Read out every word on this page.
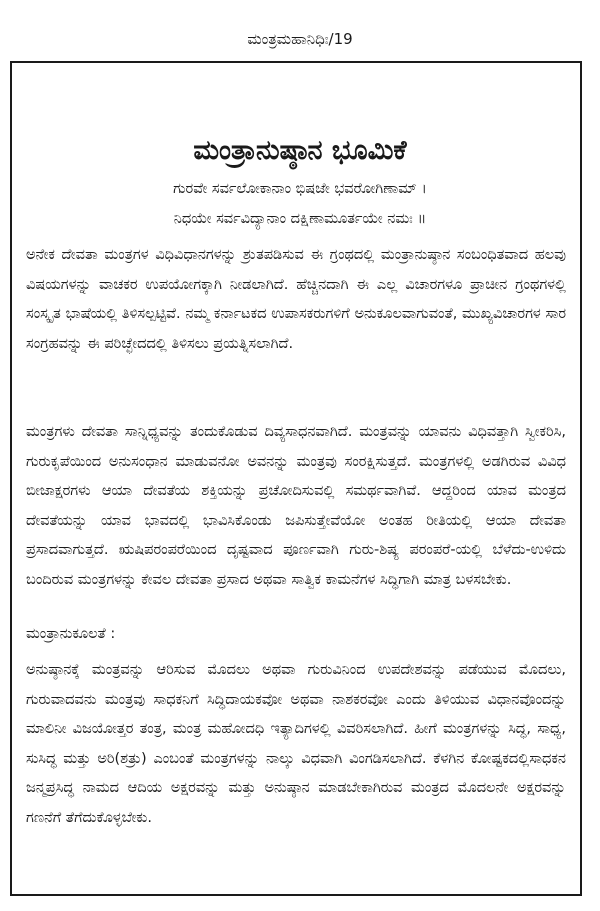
ಮಂತ್ರಮಹಾನಿಧಿಃ/19
ಮಂತ್ರಾನುಷ್ಠಾನ ಭೂಮಿಕೆ
ಗುರವೇ ಸರ್ವಲೋಕಾನಾಂ ಭಿಷಜೇ ಭವರೋಗಿಣಾಮ್ ।
ನಿಧಯೇ ಸರ್ವವಿದ್ಯಾನಾಂ ದಕ್ಷಿಣಾಮೂರ್ತಯೇ ನಮಃ ॥

ಅನೇಕ ದೇವತಾ ಮಂತ್ರಗಳ ವಿಧಿವಿಧಾನಗಳನ್ನು ಶ್ರುತಪಡಿಸುವ ಈ ಗ್ರಂಥದಲ್ಲಿ ಮಂತ್ರಾನುಷ್ಠಾನ ಸಂಬಂಧಿತವಾದ ಹಲವು ವಿಷಯಗಳನ್ನು ವಾಚಕರ ಉಪಯೋಗಕ್ಕಾಗಿ ನೀಡಲಾಗಿದೆ. ಹೆಚ್ಚಿನದಾಗಿ ಈ ಎಲ್ಲ ವಿಚಾರಗಳೂ ಪ್ರಾಚೀನ ಗ್ರಂಥಗಳಲ್ಲಿ ಸಂಸ್ಕೃತ ಭಾಷೆಯಲ್ಲಿ ತಿಳಿಸಲ್ಪಟ್ಟಿವೆ. ನಮ್ಮ ಕರ್ನಾಟಕದ ಉಪಾಸಕರುಗಳಿಗೆ ಅನುಕೂಲವಾಗುವಂತೆ, ಮುಖ್ಯವಿಚಾರಗಳ ಸಾರ ಸಂಗ್ರಹವನ್ನು ಈ ಪರಿಚ್ಛೇದದಲ್ಲಿ ತಿಳಿಸಲು ಪ್ರಯತ್ನಿಸಲಾಗಿದೆ.

ಮಂತ್ರಗಳು ದೇವತಾ ಸಾನ್ನಿಧ್ಯವನ್ನು ತಂದುಕೊಡುವ ದಿವ್ಯಸಾಧನವಾಗಿದೆ. ಮಂತ್ರವನ್ನು ಯಾವನು ವಿಧಿವತ್ತಾಗಿ ಸ್ವೀಕರಿಸಿ, ಗುರುಕೃಪೆಯಿಂದ ಅನುಸಂಧಾನ ಮಾಡುವನೋ ಅವನನ್ನು ಮಂತ್ರವು ಸಂರಕ್ಷಿಸುತ್ತದೆ. ಮಂತ್ರಗಳಲ್ಲಿ ಅಡಗಿರುವ ವಿವಿಧ ಬೀಜಾಕ್ಷರಗಳು ಆಯಾ ದೇವತೆಯ ಶಕ್ತಿಯನ್ನು ಪ್ರಚೋದಿಸುವಲ್ಲಿ ಸಮರ್ಥವಾಗಿವೆ. ಆದ್ದರಿಂದ ಯಾವ ಮಂತ್ರದ ದೇವತೆಯನ್ನು ಯಾವ ಭಾವದಲ್ಲಿ ಭಾವಿಸಿಕೊಂಡು ಜಪಿಸುತ್ತೇವೆಯೋ ಅಂತಹ ರೀತಿಯಲ್ಲಿ ಆಯಾ ದೇವತಾ ಪ್ರಸಾದವಾಗುತ್ತದೆ. ಋಷಿಪರಂಪರೆಯಿಂದ ದೃಷ್ಟವಾದ ಪೂರ್ಣವಾಗಿ ಗುರು-ಶಿಷ್ಯ ಪರಂಪರೆ-ಯಲ್ಲಿ ಬೆಳೆದು-ಉಳಿದು ಬಂದಿರುವ ಮಂತ್ರಗಳನ್ನು ಕೇವಲ ದೇವತಾ ಪ್ರಸಾದ ಅಥವಾ ಸಾತ್ವಿಕ ಕಾಮನೆಗಳ ಸಿದ್ಧಿಗಾಗಿ ಮಾತ್ರ ಬಳಸಬೇಕು.

ಮಂತ್ರಾನುಕೂಲತೆ :

ಅನುಷ್ಠಾನಕ್ಕೆ ಮಂತ್ರವನ್ನು ಆರಿಸುವ ಮೊದಲು ಅಥವಾ ಗುರುವಿನಿಂದ ಉಪದೇಶವನ್ನು ಪಡೆಯುವ ಮೊದಲು, ಗುರುವಾದವನು ಮಂತ್ರವು ಸಾಧಕನಿಗೆ ಸಿದ್ಧಿದಾಯಕವೋ ಅಥವಾ ನಾಶಕರವೋ ಎಂದು ತಿಳಿಯುವ ವಿಧಾನವೊಂದನ್ನು ಮಾಲಿನೀ ವಿಜಯೋತ್ತರ ತಂತ್ರ, ಮಂತ್ರ ಮಹೋದಧಿ ಇತ್ಯಾದಿಗಳಲ್ಲಿ ವಿವರಿಸಲಾಗಿದೆ. ಹೀಗೆ ಮಂತ್ರಗಳನ್ನು ಸಿದ್ಧ, ಸಾಧ್ಯ, ಸುಸಿದ್ಧ ಮತ್ತು ಅರಿ(ಶತ್ರು) ಎಂಬಂತೆ ಮಂತ್ರಗಳನ್ನು ನಾಲ್ಕು ವಿಧವಾಗಿ ವಿಂಗಡಿಸಲಾಗಿದೆ. ಕೆಳಗಿನ ಕೋಷ್ಟಕದಲ್ಲಿಸಾಧಕನ ಜನ್ಮಪ್ರಸಿದ್ಧ ನಾಮದ ಆದಿಯ ಅಕ್ಷರವನ್ನು ಮತ್ತು ಅನುಷ್ಠಾನ ಮಾಡಬೇಕಾಗಿರುವ ಮಂತ್ರದ ಮೊದಲನೇ ಅಕ್ಷರವನ್ನು ಗಣನೆಗೆ ತೆಗೆದುಕೊಳ್ಳಬೇಕು.
